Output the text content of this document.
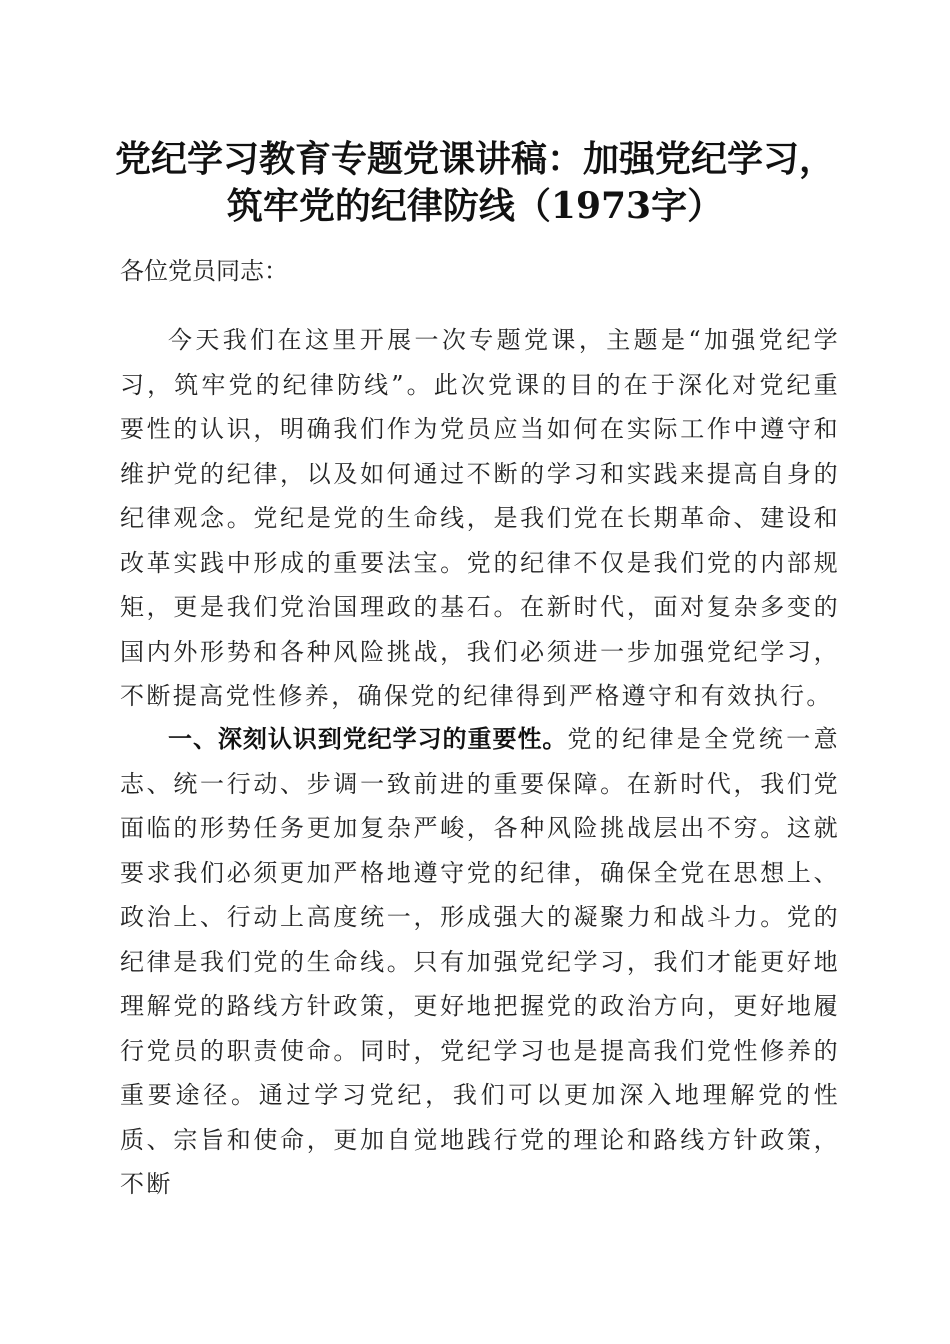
党纪学习教育专题党课讲稿：加强党纪学习，
筑牢党的纪律防线（1973字）
各位党员同志：

今天我们在这里开展一次专题党课，主题是“加强党纪学习，筑牢党的纪律防线”。此次党课的目的在于深化对党纪重要性的认识，明确我们作为党员应当如何在实际工作中遵守和维护党的纪律，以及如何通过不断的学习和实践来提高自身的纪律观念。党纪是党的生命线，是我们党在长期革命、建设和改革实践中形成的重要法宝。党的纪律不仅是我们党的内部规矩，更是我们党治国理政的基石。在新时代，面对复杂多变的国内外形势和各种风险挑战，我们必须进一步加强党纪学习，不断提高党性修养，确保党的纪律得到严格遵守和有效执行。

一、深刻认识到党纪学习的重要性。党的纪律是全党统一意志、统一行动、步调一致前进的重要保障。在新时代，我们党面临的形势任务更加复杂严峻，各种风险挑战层出不穷。这就要求我们必须更加严格地遵守党的纪律，确保全党在思想上、政治上、行动上高度统一，形成强大的凝聚力和战斗力。党的纪律是我们党的生命线。只有加强党纪学习，我们才能更好地理解党的路线方针政策，更好地把握党的政治方向，更好地履行党员的职责使命。同时，党纪学习也是提高我们党性修养的重要途径。通过学习党纪，我们可以更加深入地理解党的性质、宗旨和使命，更加自觉地践行党的理论和路线方针政策，不断
